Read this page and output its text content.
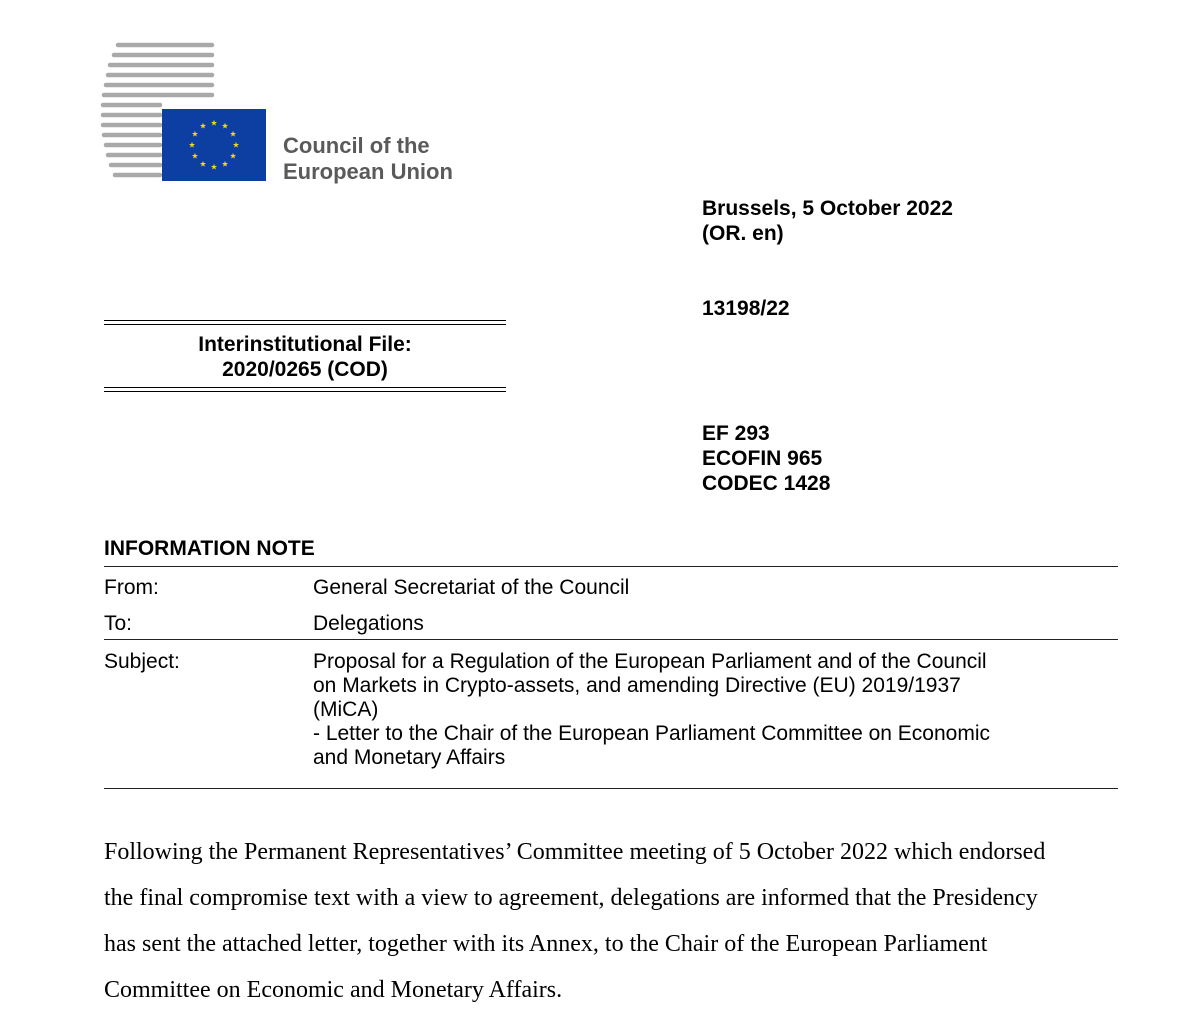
Council of the
European Union
Brussels, 5 October 2022
(OR. en)
13198/22
EF 293
ECOFIN 965
CODEC 1428
Interinstitutional File:
2020/0265 (COD)
INFORMATION NOTE
From:	General Secretariat of the Council
To:	Delegations
Subject:	Proposal for a Regulation of the European Parliament and of the Council
on Markets in Crypto-assets, and amending Directive (EU) 2019/1937
(MiCA)
- Letter to the Chair of the European Parliament Committee on Economic
and Monetary Affairs
Following the Permanent Representatives’ Committee meeting of 5 October 2022 which endorsed
the final compromise text with a view to agreement, delegations are informed that the Presidency
has sent the attached letter, together with its Annex, to the Chair of the European Parliament
Committee on Economic and Monetary Affairs.
